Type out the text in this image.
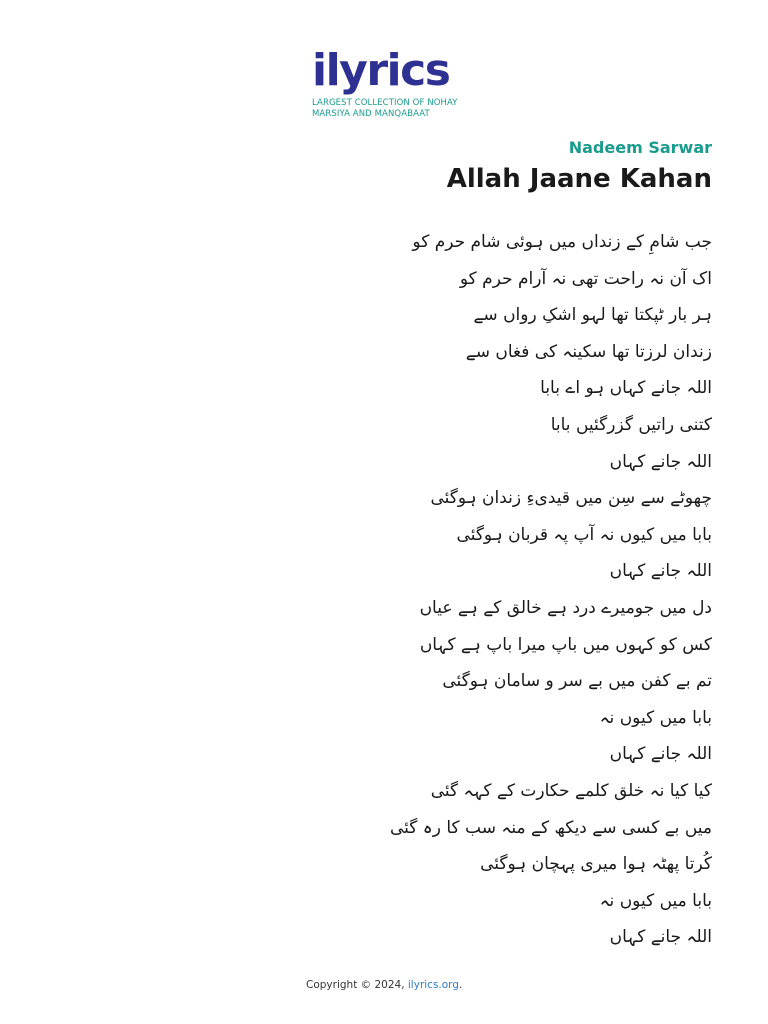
ilyrics
LARGEST COLLECTION OF NOHAY
MARSIYA AND MANQABAAT
Nadeem Sarwar
Allah Jaane Kahan
جب شامِ کے زنداں میں ہوئی شام حرم کو
اک آن نہ راحت تھی نہ آرام حرم کو
ہر بار ٹپکتا تھا لہو اشکِ رواں سے
زندان لرزتا تھا سکینہ کی فغاں سے
اللہ جانے کہاں ہو اے بابا
کتنی راتیں گزرگئیں بابا
اللہ جانے کہاں
چھوٹے سے سِن میں قیدیءِ زندان ہوگئی
بابا میں کیوں نہ آپ پہ قربان ہوگئی
اللہ جانے کہاں
دل میں جومیرے درد ہے خالق کے ہے عیاں
کس کو کہوں میں باپ میرا باپ ہے کہاں
تم بے کفن میں بے سر و سامان ہوگئی
بابا میں کیوں نہ
اللہ جانے کہاں
کیا کیا نہ خلق کلمے حکارت کے کہہ گئی
میں بے کسی سے دیکھ کے منہ سب کا رہ گئی
کُرتا پھٹہ ہوا میری پہچان ہوگئی
بابا میں کیوں نہ
اللہ جانے کہاں
Copyright © 2024, ilyrics.org.
